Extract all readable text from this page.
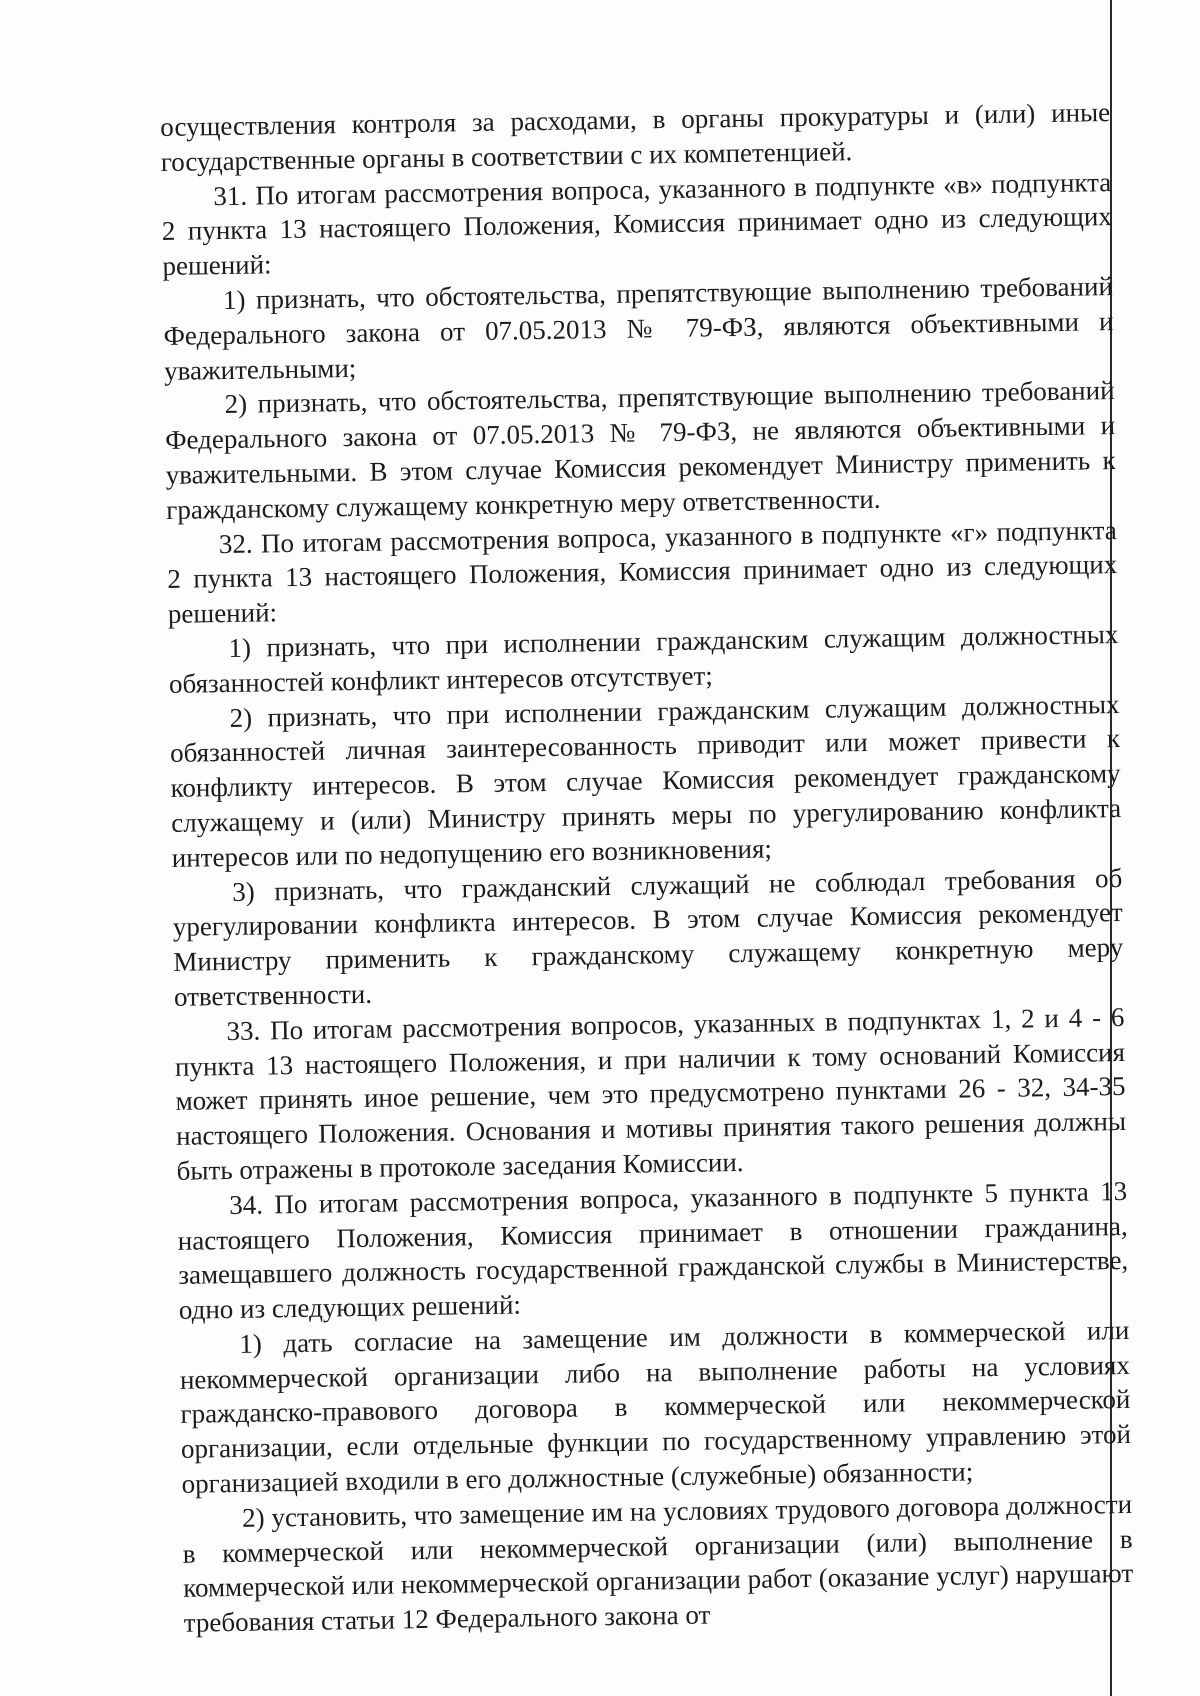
осуществления контроля за расходами, в органы прокуратуры и (или) иные государственные органы в соответствии с их компетенцией.

31. По итогам рассмотрения вопроса, указанного в подпункте «в» подпункта 2 пункта 13 настоящего Положения, Комиссия принимает одно из следующих решений:

1) признать, что обстоятельства, препятствующие выполнению требований Федерального закона от 07.05.2013 № 79-ФЗ, являются объективными и уважительными;

2) признать, что обстоятельства, препятствующие выполнению требований Федерального закона от 07.05.2013 № 79-ФЗ, не являются объективными и уважительными. В этом случае Комиссия рекомендует Министру применить к гражданскому служащему конкретную меру ответственности.

32. По итогам рассмотрения вопроса, указанного в подпункте «г» подпункта 2 пункта 13 настоящего Положения, Комиссия принимает одно из следующих решений:

1) признать, что при исполнении гражданским служащим должностных обязанностей конфликт интересов отсутствует;

2) признать, что при исполнении гражданским служащим должностных обязанностей личная заинтересованность приводит или может привести к конфликту интересов. В этом случае Комиссия рекомендует гражданскому служащему и (или) Министру принять меры по урегулированию конфликта интересов или по недопущению его возникновения;

3) признать, что гражданский служащий не соблюдал требования об урегулировании конфликта интересов. В этом случае Комиссия рекомендует Министру применить к гражданскому служащему конкретную меру ответственности.

33. По итогам рассмотрения вопросов, указанных в подпунктах 1, 2 и 4 - 6 пункта 13 настоящего Положения, и при наличии к тому оснований Комиссия может принять иное решение, чем это предусмотрено пунктами 26 - 32, 34-35 настоящего Положения. Основания и мотивы принятия такого решения должны быть отражены в протоколе заседания Комиссии.

34. По итогам рассмотрения вопроса, указанного в подпункте 5 пункта 13 настоящего Положения, Комиссия принимает в отношении гражданина, замещавшего должность государственной гражданской службы в Министерстве, одно из следующих решений:

1) дать согласие на замещение им должности в коммерческой или некоммерческой организации либо на выполнение работы на условиях гражданско-правового договора в коммерческой или некоммерческой организации, если отдельные функции по государственному управлению этой организацией входили в его должностные (служебные) обязанности;

2) установить, что замещение им на условиях трудового договора должности в коммерческой или некоммерческой организации (или) выполнение в коммерческой или некоммерческой организации работ (оказание услуг) нарушают требования статьи 12 Федерального закона от
